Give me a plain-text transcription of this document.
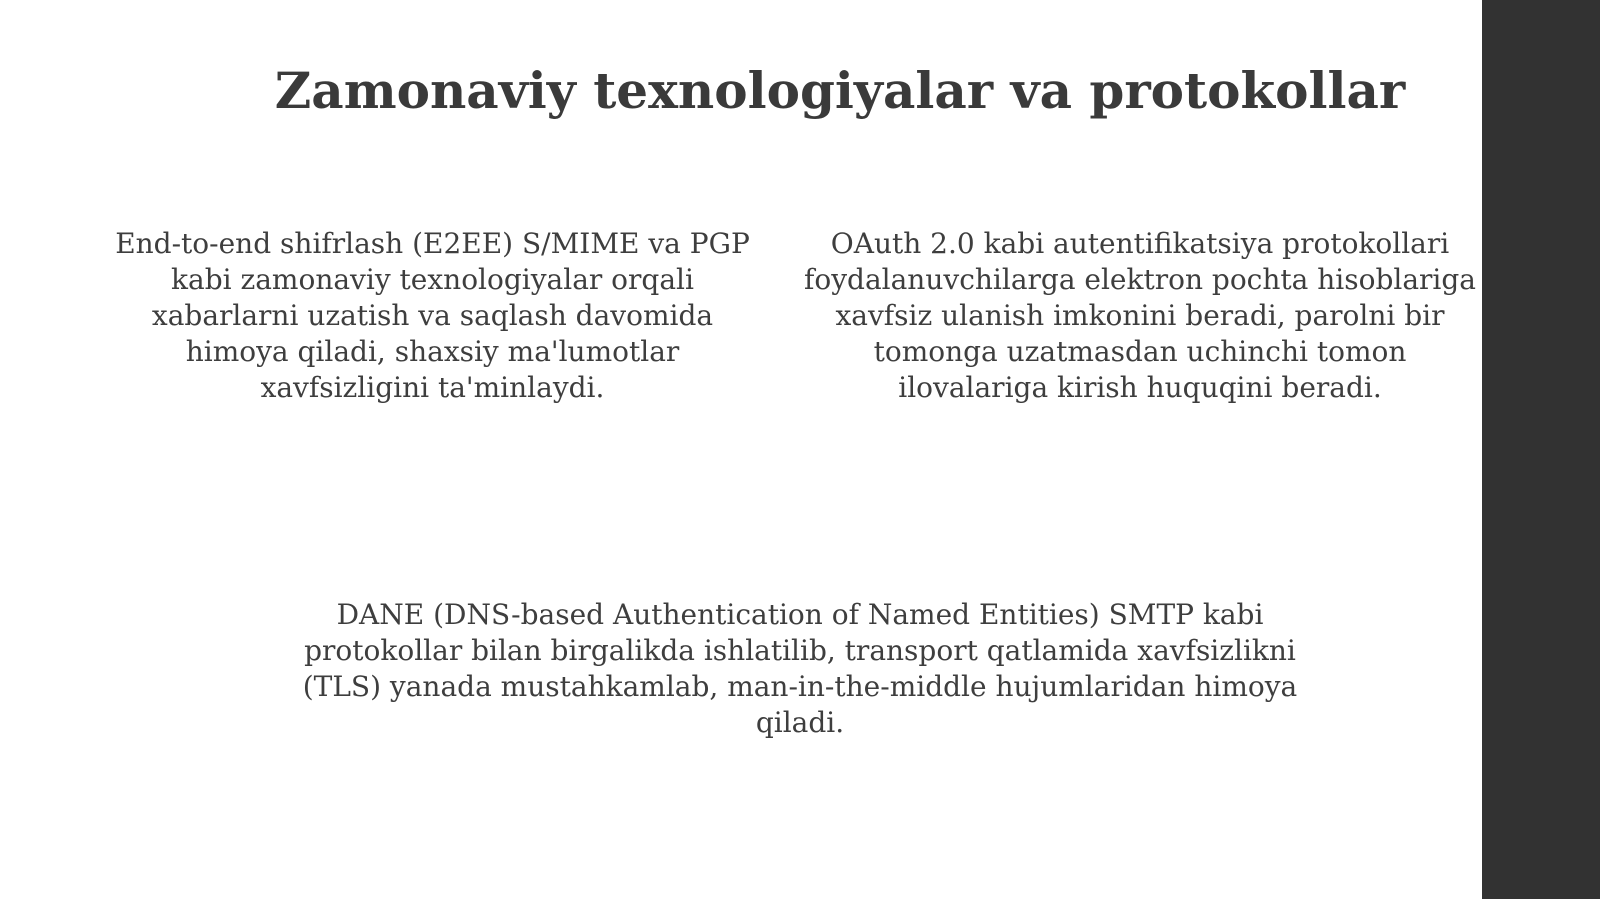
Zamonaviy texnologiyalar va protokollar

End-to-end shifrlash (E2EE) S/MIME va PGP kabi zamonaviy texnologiyalar orqali xabarlarni uzatish va saqlash davomida himoya qiladi, shaxsiy ma'lumotlar xavfsizligini ta'minlaydi.

OAuth 2.0 kabi autentifikatsiya protokollari foydalanuvchilarga elektron pochta hisoblariga xavfsiz ulanish imkonini beradi, parolni bir tomonga uzatmasdan uchinchi tomon ilovalariga kirish huquqini beradi.

DANE (DNS-based Authentication of Named Entities) SMTP kabi protokollar bilan birgalikda ishlatilib, transport qatlamida xavfsizlikni (TLS) yanada mustahkamlab, man-in-the-middle hujumlaridan himoya qiladi.
